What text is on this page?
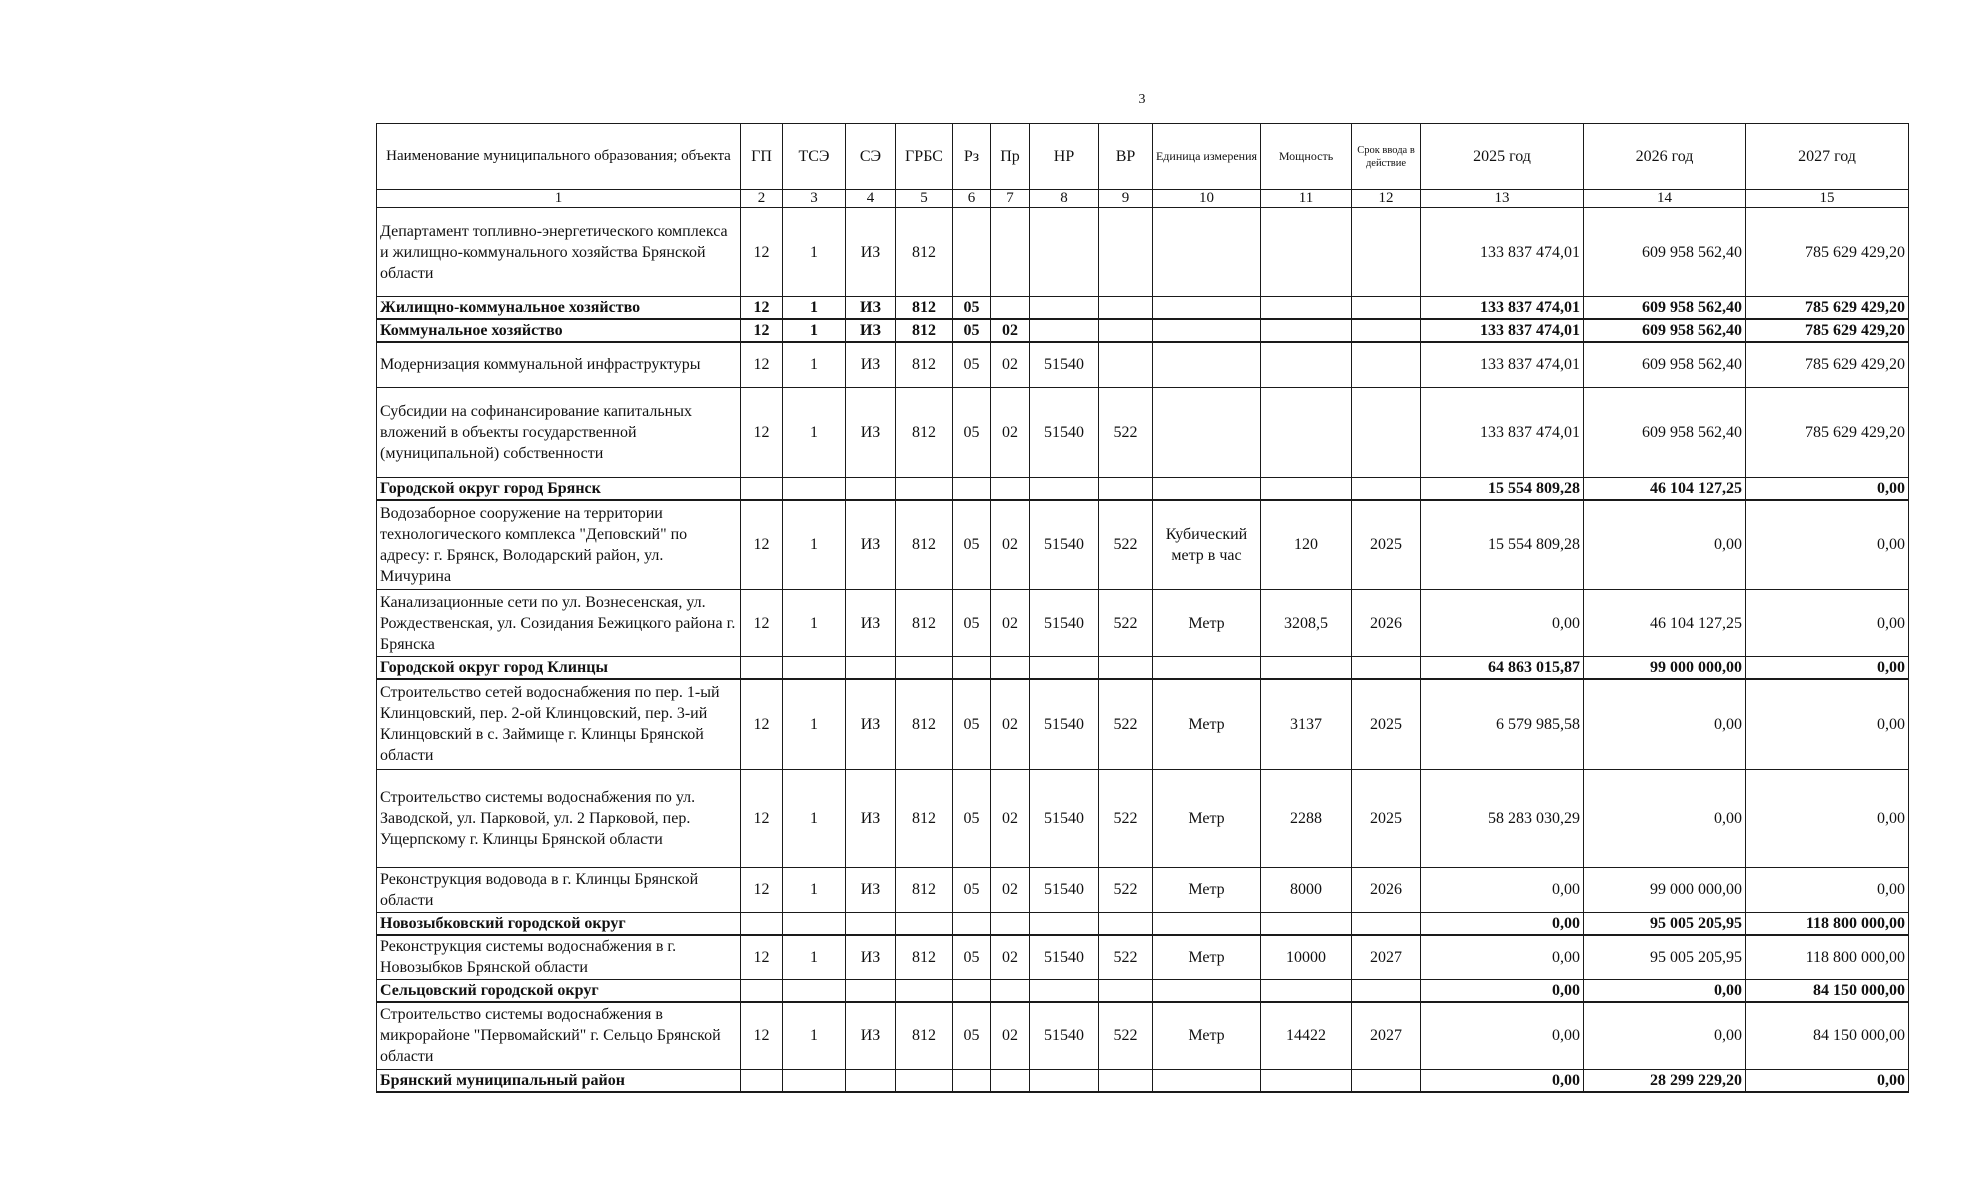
3
Наименование муниципального образования; объекта	ГП	ТСЭ	СЭ	ГРБС	Рз	Пр	НР	ВР	Единица измерения	Мощность	Срок ввода в действие	2025 год	2026 год	2027 год
1	2	3	4	5	6	7	8	9	10	11	12	13	14	15
Департамент топливно-энергетического комплекса и жилищно-коммунального хозяйства Брянской области	12	1	ИЗ	812								133 837 474,01	609 958 562,40	785 629 429,20
Жилищно-коммунальное хозяйство	12	1	ИЗ	812	05							133 837 474,01	609 958 562,40	785 629 429,20
Коммунальное хозяйство	12	1	ИЗ	812	05	02						133 837 474,01	609 958 562,40	785 629 429,20
Модернизация коммунальной инфраструктуры	12	1	ИЗ	812	05	02	51540					133 837 474,01	609 958 562,40	785 629 429,20
Субсидии на софинансирование капитальных вложений в объекты государственной (муниципальной) собственности	12	1	ИЗ	812	05	02	51540	522				133 837 474,01	609 958 562,40	785 629 429,20
Городской округ город Брянск												15 554 809,28	46 104 127,25	0,00
Водозаборное сооружение на территории технологического комплекса "Деповский" по адресу: г. Брянск, Володарский район, ул. Мичурина	12	1	ИЗ	812	05	02	51540	522	Кубический метр в час	120	2025	15 554 809,28	0,00	0,00
Канализационные сети по ул. Вознесенская, ул. Рождественская, ул. Созидания Бежицкого района г. Брянска	12	1	ИЗ	812	05	02	51540	522	Метр	3208,5	2026	0,00	46 104 127,25	0,00
Городской округ город Клинцы												64 863 015,87	99 000 000,00	0,00
Строительство сетей водоснабжения по пер. 1-ый Клинцовский, пер. 2-ой Клинцовский, пер. 3-ий Клинцовский в с. Займище г. Клинцы Брянской области	12	1	ИЗ	812	05	02	51540	522	Метр	3137	2025	6 579 985,58	0,00	0,00
Строительство системы водоснабжения по ул. Заводской, ул. Парковой, ул. 2 Парковой, пер. Ущерпскому г. Клинцы Брянской области	12	1	ИЗ	812	05	02	51540	522	Метр	2288	2025	58 283 030,29	0,00	0,00
Реконструкция водовода в г. Клинцы Брянской области	12	1	ИЗ	812	05	02	51540	522	Метр	8000	2026	0,00	99 000 000,00	0,00
Новозыбковский городской округ												0,00	95 005 205,95	118 800 000,00
Реконструкция системы водоснабжения в г. Новозыбков Брянской области	12	1	ИЗ	812	05	02	51540	522	Метр	10000	2027	0,00	95 005 205,95	118 800 000,00
Сельцовский городской округ												0,00	0,00	84 150 000,00
Строительство системы водоснабжения в микрорайоне "Первомайский" г. Сельцо Брянской области	12	1	ИЗ	812	05	02	51540	522	Метр	14422	2027	0,00	0,00	84 150 000,00
Брянский муниципальный район												0,00	28 299 229,20	0,00
